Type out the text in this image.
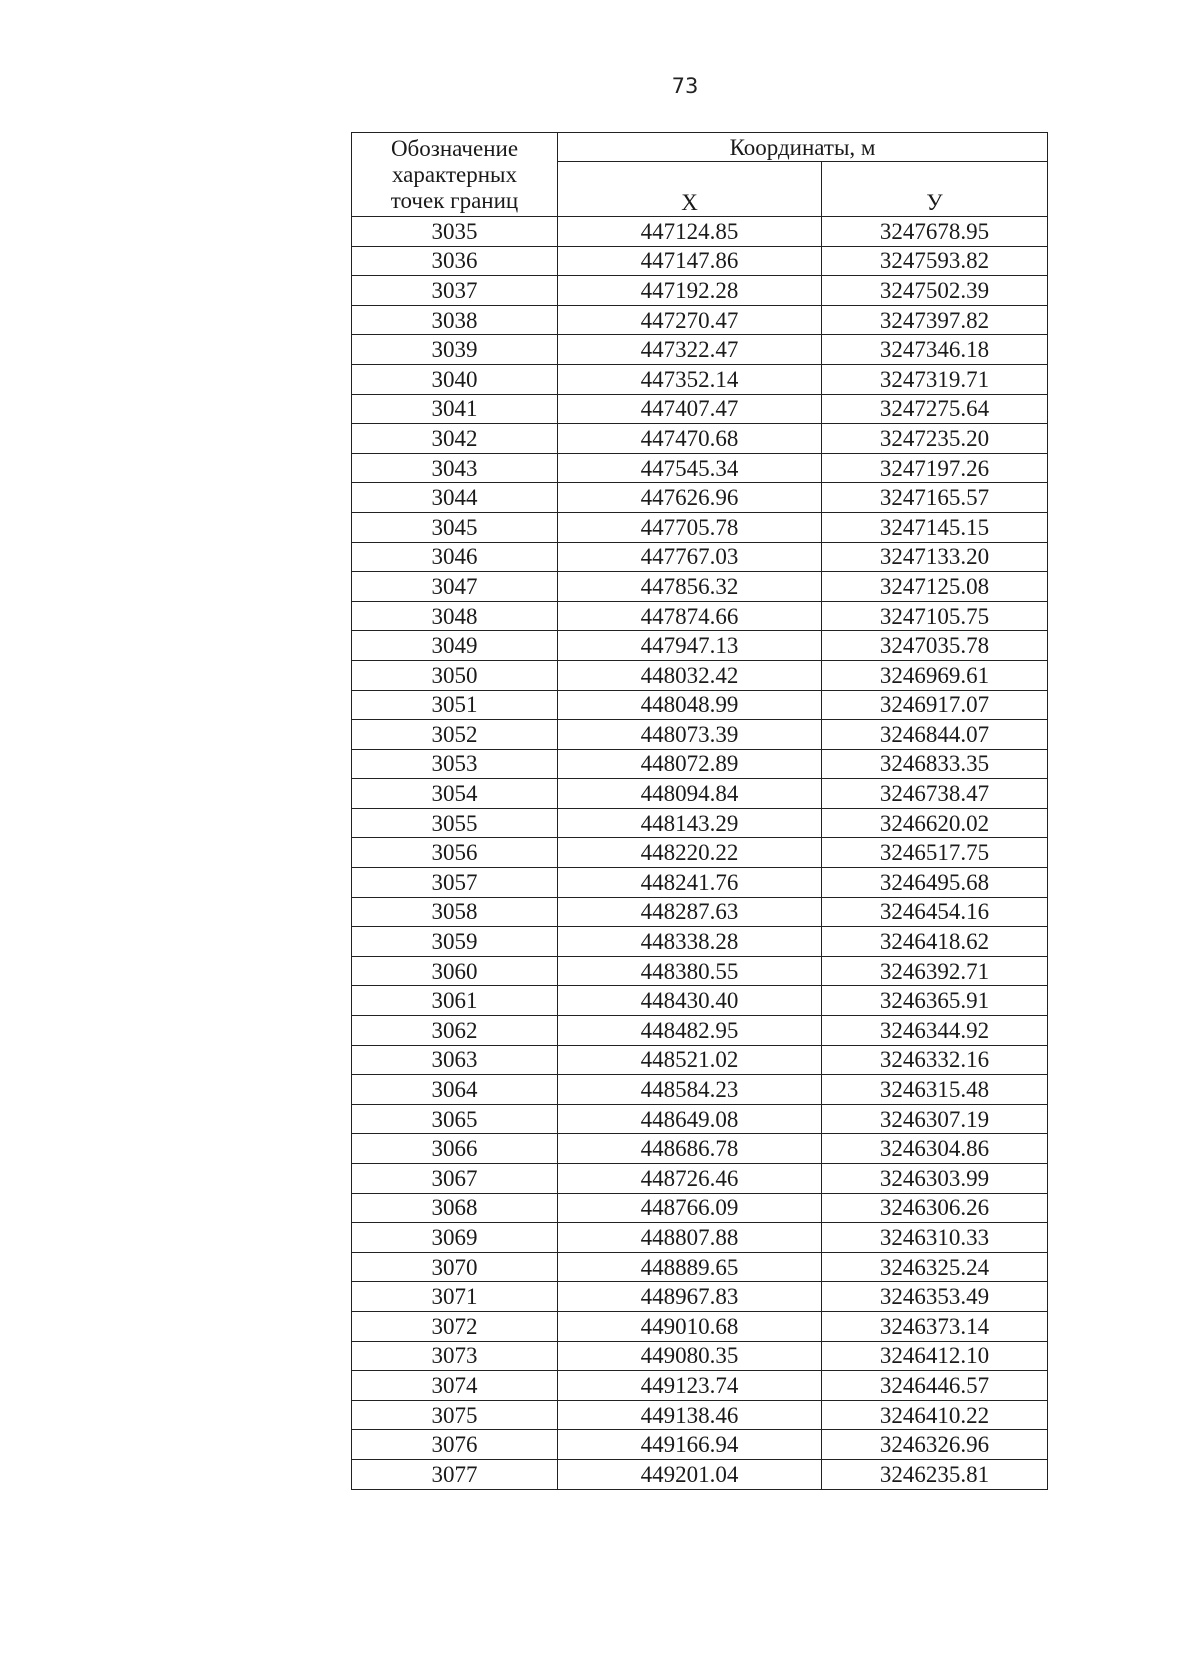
73
Обозначение
характерных
точек границ	Координаты, м	
	X	У
3035	447124.85	3247678.95
3036	447147.86	3247593.82
3037	447192.28	3247502.39
3038	447270.47	3247397.82
3039	447322.47	3247346.18
3040	447352.14	3247319.71
3041	447407.47	3247275.64
3042	447470.68	3247235.20
3043	447545.34	3247197.26
3044	447626.96	3247165.57
3045	447705.78	3247145.15
3046	447767.03	3247133.20
3047	447856.32	3247125.08
3048	447874.66	3247105.75
3049	447947.13	3247035.78
3050	448032.42	3246969.61
3051	448048.99	3246917.07
3052	448073.39	3246844.07
3053	448072.89	3246833.35
3054	448094.84	3246738.47
3055	448143.29	3246620.02
3056	448220.22	3246517.75
3057	448241.76	3246495.68
3058	448287.63	3246454.16
3059	448338.28	3246418.62
3060	448380.55	3246392.71
3061	448430.40	3246365.91
3062	448482.95	3246344.92
3063	448521.02	3246332.16
3064	448584.23	3246315.48
3065	448649.08	3246307.19
3066	448686.78	3246304.86
3067	448726.46	3246303.99
3068	448766.09	3246306.26
3069	448807.88	3246310.33
3070	448889.65	3246325.24
3071	448967.83	3246353.49
3072	449010.68	3246373.14
3073	449080.35	3246412.10
3074	449123.74	3246446.57
3075	449138.46	3246410.22
3076	449166.94	3246326.96
3077	449201.04	3246235.81
